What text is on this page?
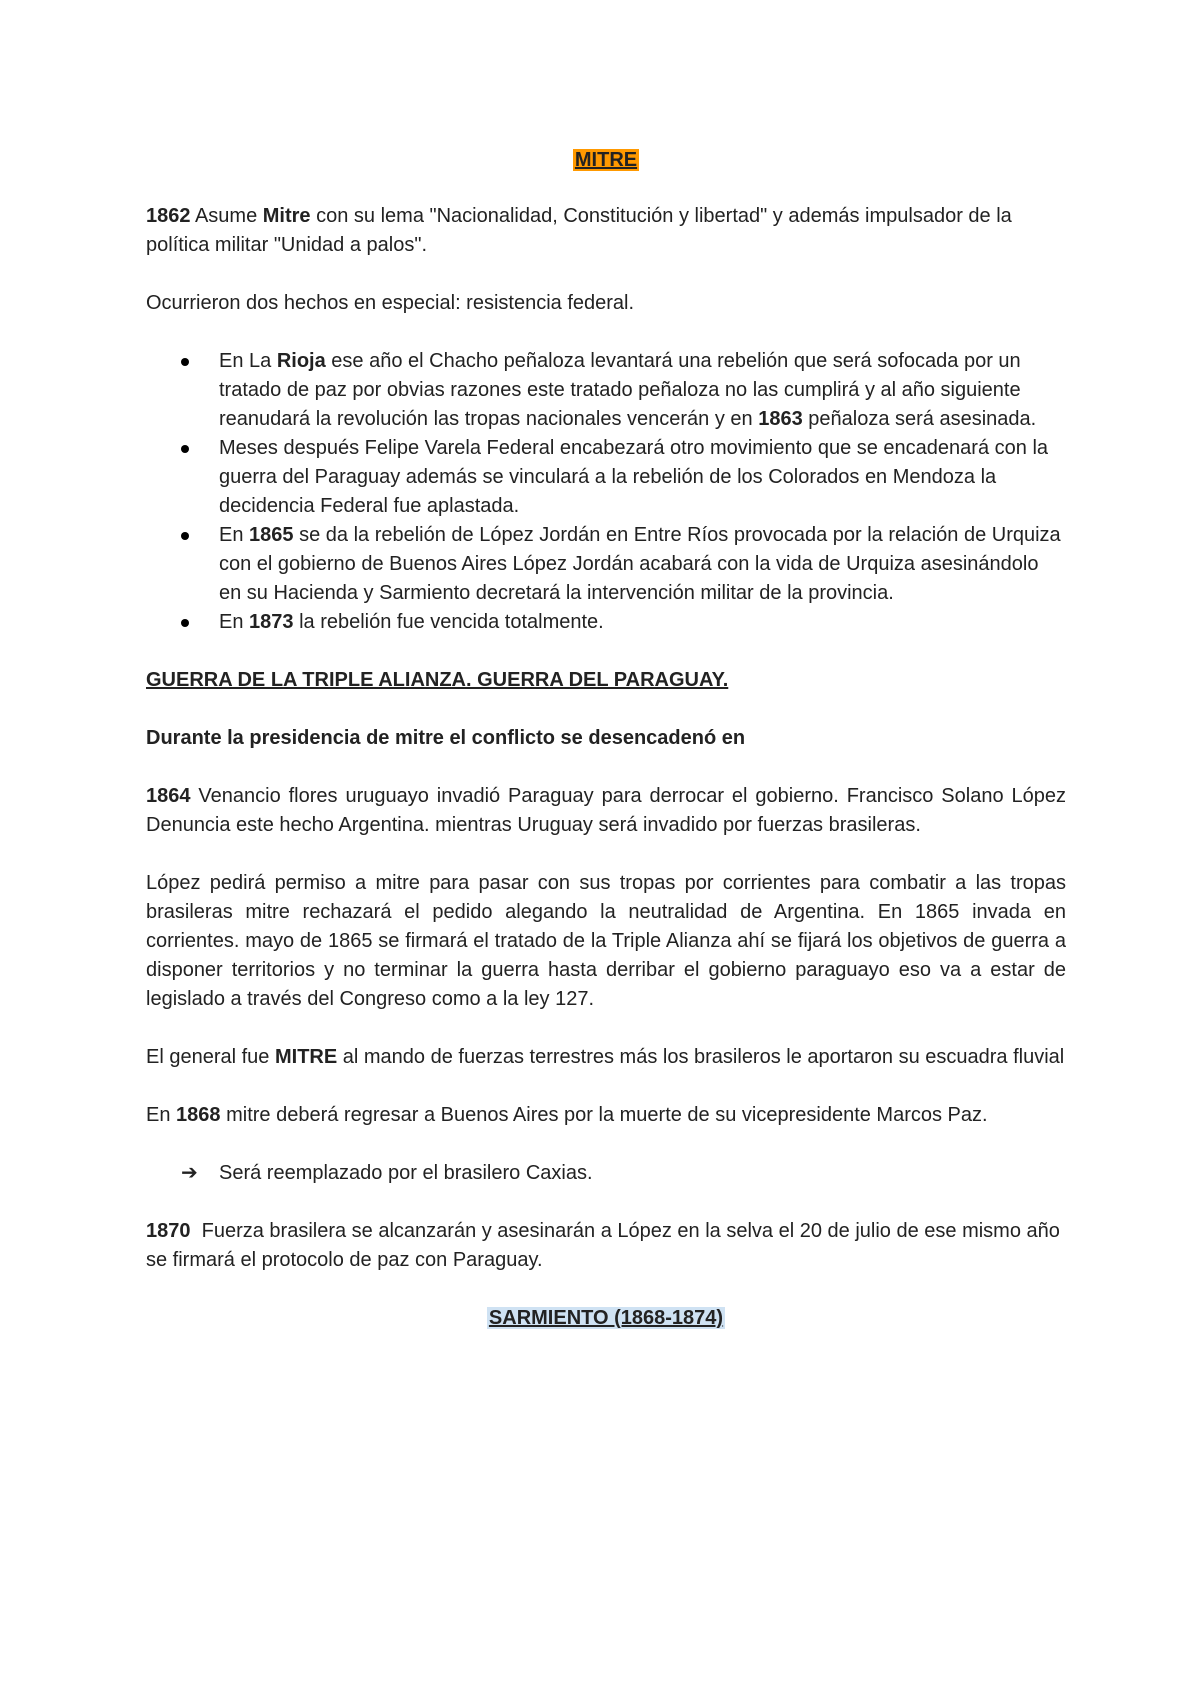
MITRE

1862 Asume Mitre con su lema "Nacionalidad, Constitución y libertad" y además impulsador de la política militar "Unidad a palos".

Ocurrieron dos hechos en especial: resistencia federal.

En La Rioja ese año el Chacho peñaloza levantará una rebelión que será sofocada por un tratado de paz por obvias razones este tratado peñaloza no las cumplirá y al año siguiente reanudará la revolución las tropas nacionales vencerán y en 1863 peñaloza será asesinada.
Meses después Felipe Varela Federal encabezará otro movimiento que se encadenará con la guerra del Paraguay además se vinculará a la rebelión de los Colorados en Mendoza la decidencia Federal fue aplastada.
En 1865 se da la rebelión de López Jordán en Entre Ríos provocada por la relación de Urquiza con el gobierno de Buenos Aires López Jordán acabará con la vida de Urquiza asesinándolo en su Hacienda y Sarmiento decretará la intervención militar de la provincia.
En 1873 la rebelión fue vencida totalmente.

GUERRA DE LA TRIPLE ALIANZA. GUERRA DEL PARAGUAY.

Durante la presidencia de mitre el conflicto se desencadenó en

1864 Venancio flores uruguayo invadió Paraguay para derrocar el gobierno. Francisco Solano López Denuncia este hecho Argentina. mientras Uruguay será invadido por fuerzas brasileras.

López pedirá permiso a mitre para pasar con sus tropas por corrientes para combatir a las tropas brasileras mitre rechazará el pedido alegando la neutralidad de Argentina. En 1865 invada en corrientes. mayo de 1865 se firmará el tratado de la Triple Alianza ahí se fijará los objetivos de guerra a disponer territorios y no terminar la guerra hasta derribar el gobierno paraguayo eso va a estar de legislado a través del Congreso como a la ley 127.

El general fue MITRE al mando de fuerzas terrestres más los brasileros le aportaron su escuadra fluvial

En 1868 mitre deberá regresar a Buenos Aires por la muerte de su vicepresidente Marcos Paz.

➔ Será reemplazado por el brasilero Caxias.

1870  Fuerza brasilera se alcanzarán y asesinarán a López en la selva el 20 de julio de ese mismo año se firmará el protocolo de paz con Paraguay.

SARMIENTO (1868-1874)
